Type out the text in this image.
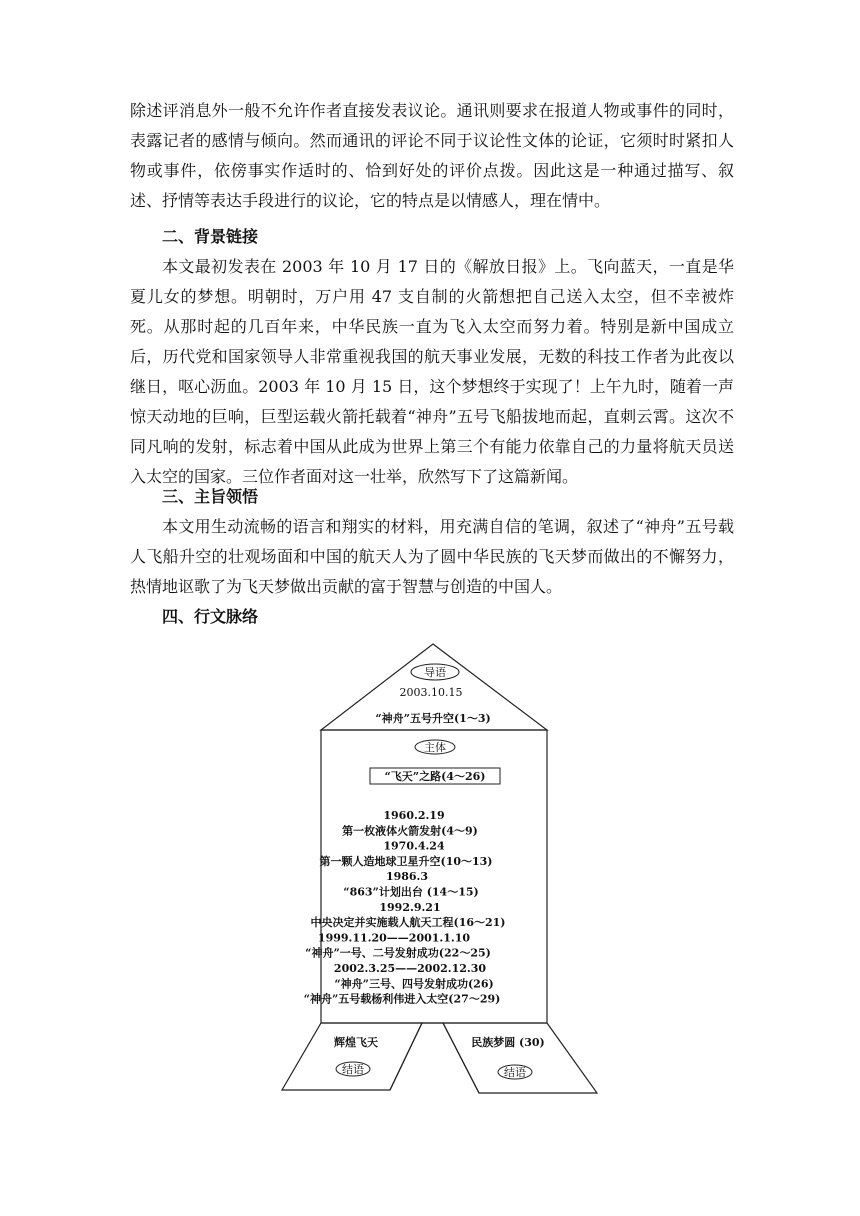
除述评消息外一般不允许作者直接发表议论。通讯则要求在报道人物或事件的同时，表露记者的感情与倾向。然而通讯的评论不同于议论性文体的论证，它须时时紧扣人物或事件，依傍事实作适时的、恰到好处的评价点拨。因此这是一种通过描写、叙述、抒情等表达手段进行的议论，它的特点是以情感人，理在情中。

二、背景链接

本文最初发表在 2003 年 10 月 17 日的《解放日报》上。飞向蓝天，一直是华夏儿女的梦想。明朝时，万户用 47 支自制的火箭想把自己送入太空，但不幸被炸死。从那时起的几百年来，中华民族一直为飞入太空而努力着。特别是新中国成立后，历代党和国家领导人非常重视我国的航天事业发展，无数的科技工作者为此夜以继日，呕心沥血。2003 年 10 月 15 日，这个梦想终于实现了！上午九时，随着一声惊天动地的巨响，巨型运载火箭托载着“神舟”五号飞船拔地而起，直刺云霄。这次不同凡响的发射，标志着中国从此成为世界上第三个有能力依靠自己的力量将航天员送入太空的国家。三位作者面对这一壮举，欣然写下了这篇新闻。

三、主旨领悟

本文用生动流畅的语言和翔实的材料，用充满自信的笔调，叙述了“神舟”五号载人飞船升空的壮观场面和中国的航天人为了圆中华民族的飞天梦而做出的不懈努力，热情地讴歌了为飞天梦做出贡献的富于智慧与创造的中国人。

四、行文脉络

导语
2003.10.15
“神舟”五号升空(1～3)
主体
“飞天”之路(4～26)
1960.2.19
第一枚液体火箭发射(4～9)
1970.4.24
第一颗人造地球卫星升空(10～13)
1986.3
“863”计划出台 (14～15)
1992.9.21
中央决定并实施载人航天工程(16～21)
1999.11.20——2001.1.10
“神舟”一号、二号发射成功(22～25)
2002.3.25——2002.12.30
“神舟”三号、四号发射成功(26)
“神舟”五号载杨利伟进入太空(27～29)
辉煌飞天
结语
民族梦圆 (30)
结语
